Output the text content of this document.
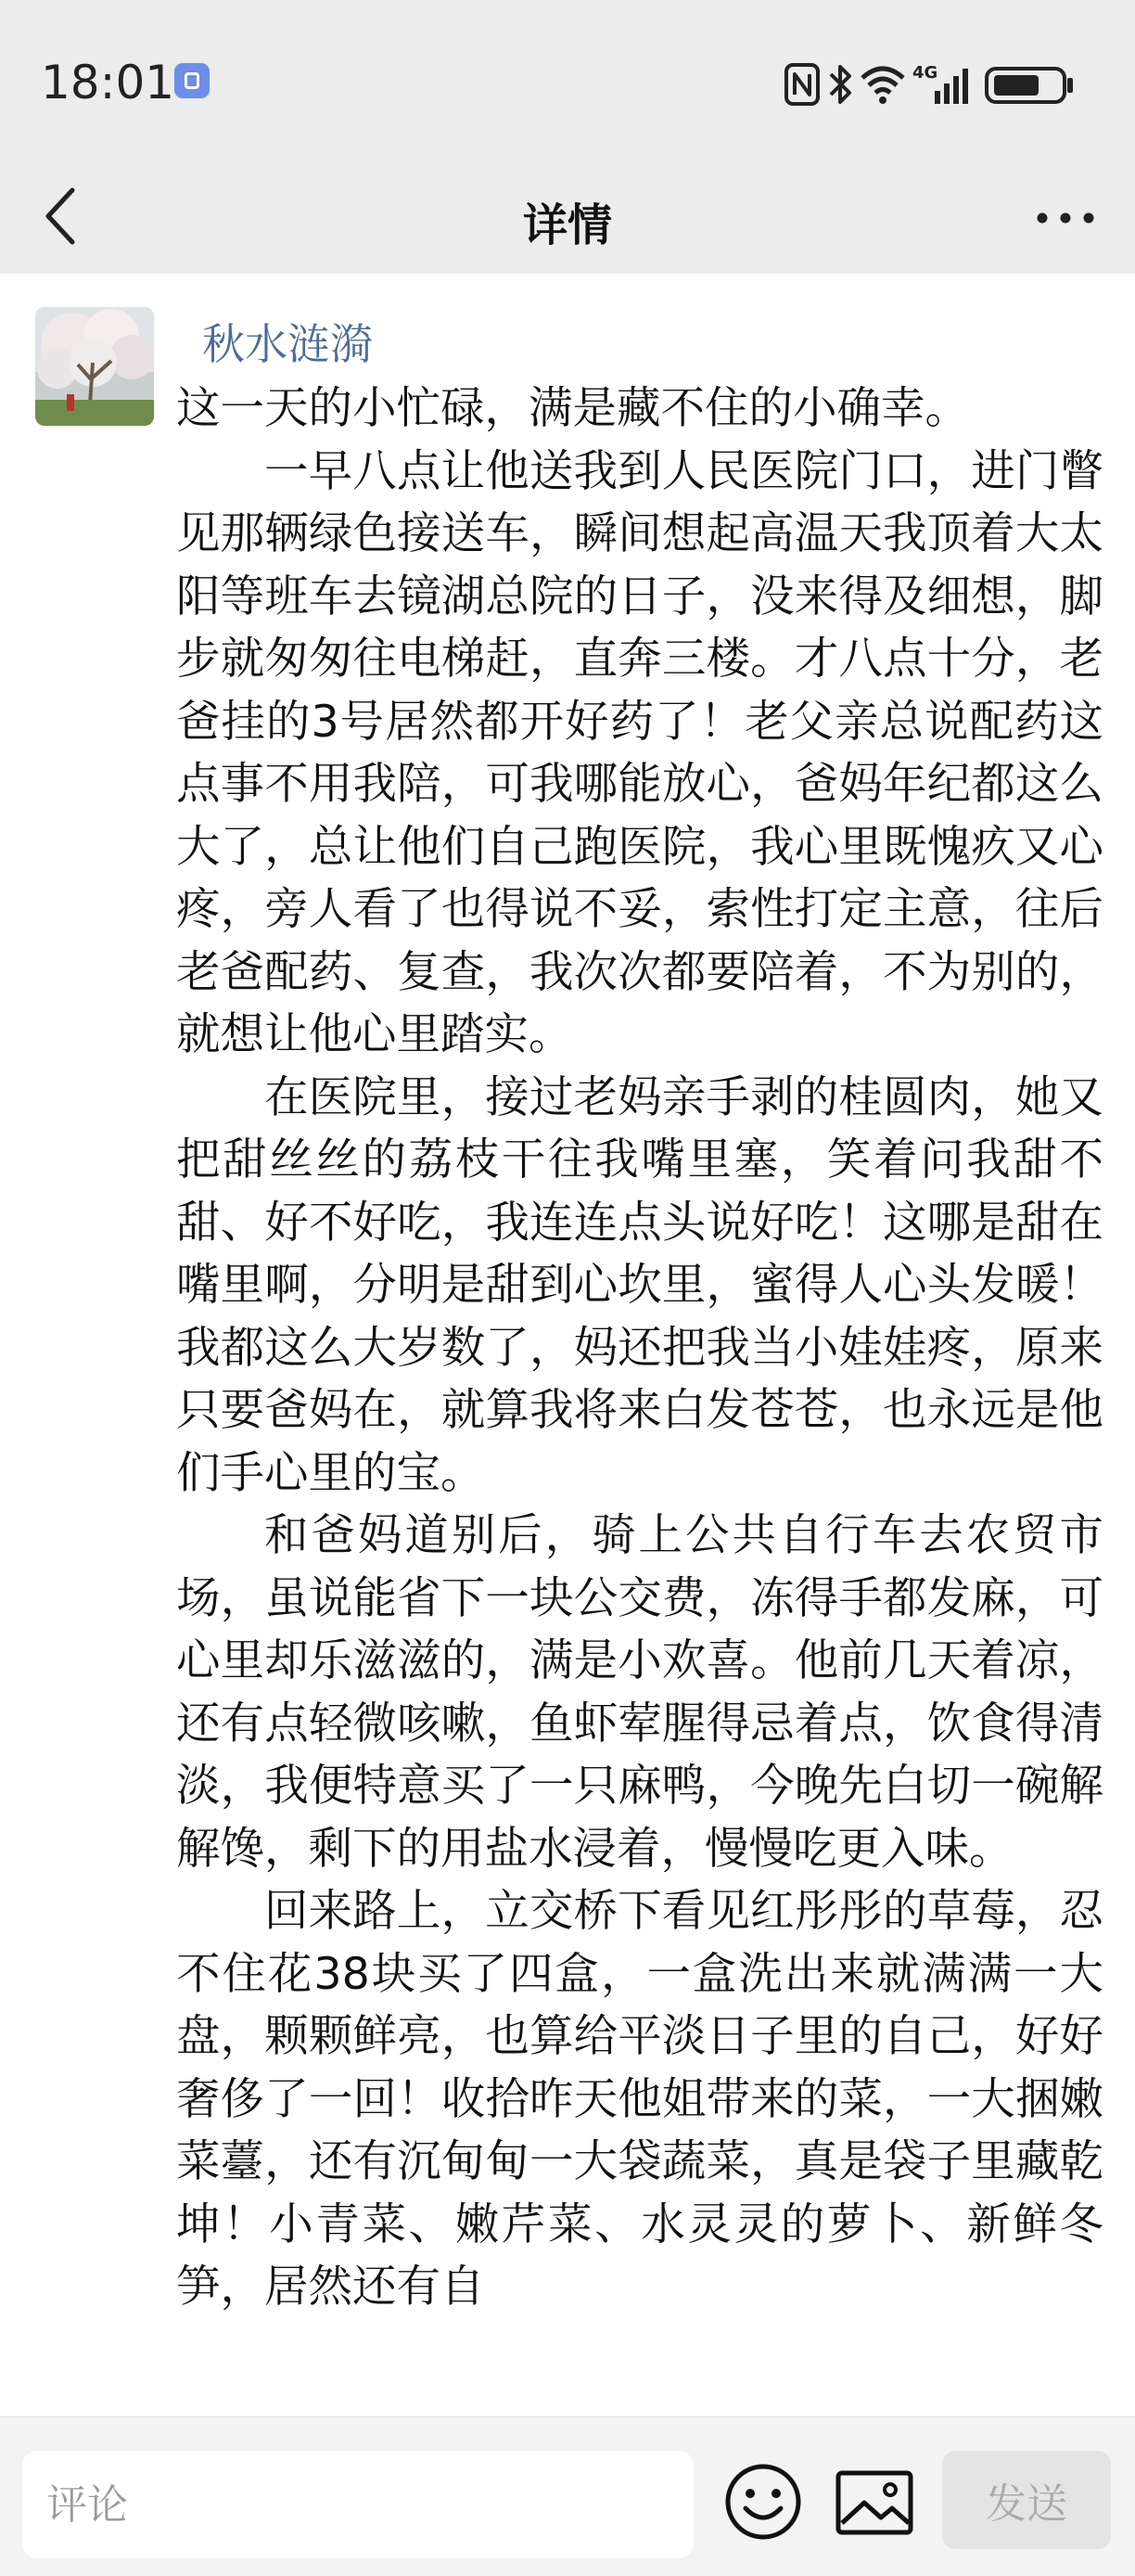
18:01	4G
详情
秋水涟漪

这一天的小忙碌，满是藏不住的小确幸。

一早八点让他送我到人民医院门口，进门瞥见那辆绿色接送车，瞬间想起高温天我顶着大太阳等班车去镜湖总院的日子，没来得及细想，脚步就匆匆往电梯赶，直奔三楼。才八点十分，老爸挂的3号居然都开好药了！老父亲总说配药这点事不用我陪，可我哪能放心，爸妈年纪都这么大了，总让他们自己跑医院，我心里既愧疚又心疼，旁人看了也得说不妥，索性打定主意，往后老爸配药、复查，我次次都要陪着，不为别的，就想让他心里踏实。

在医院里，接过老妈亲手剥的桂圆肉，她又把甜丝丝的荔枝干往我嘴里塞，笑着问我甜不甜、好不好吃，我连连点头说好吃！这哪是甜在嘴里啊，分明是甜到心坎里，蜜得人心头发暖！我都这么大岁数了，妈还把我当小娃娃疼，原来只要爸妈在，就算我将来白发苍苍，也永远是他们手心里的宝。

和爸妈道别后，骑上公共自行车去农贸市场，虽说能省下一块公交费，冻得手都发麻，可心里却乐滋滋的，满是小欢喜。他前几天着凉，还有点轻微咳嗽，鱼虾荤腥得忌着点，饮食得清淡，我便特意买了一只麻鸭，今晚先白切一碗解解馋，剩下的用盐水浸着，慢慢吃更入味。

回来路上，立交桥下看见红彤彤的草莓，忍不住花38块买了四盒，一盒洗出来就满满一大盘，颗颗鲜亮，也算给平淡日子里的自己，好好奢侈了一回！收拾昨天他姐带来的菜，一大捆嫩菜薹，还有沉甸甸一大袋蔬菜，真是袋子里藏乾坤！小青菜、嫩芹菜、水灵灵的萝卜、新鲜冬笋，居然还有自

评论
发送
